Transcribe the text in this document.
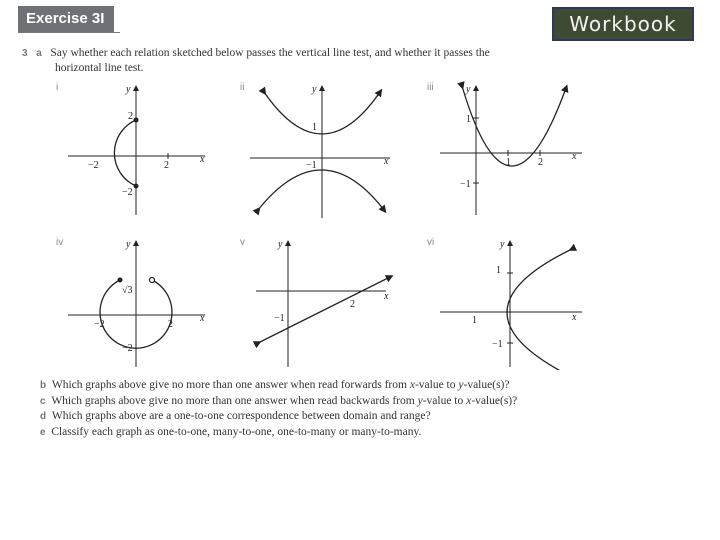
Exercise 3I	Workbook
3 a Say whether each relation sketched below passes the vertical line test, and whether it passes the
horizontal line test.
i
x
y
2
−2	2
−2
ii
x
y
1
−1
iii
x
y
1
1	2
−1
iv
x
y
√3
−2	2
−2
v
x
y
2
−1
vi
x
y
1
1
−1
b Which graphs above give no more than one answer when read forwards from x-value to y-value(s)?
c Which graphs above give no more than one answer when read backwards from y-value to x-value(s)?
d Which graphs above are a one-to-one correspondence between domain and range?
e Classify each graph as one-to-one, many-to-one, one-to-many or many-to-many.
